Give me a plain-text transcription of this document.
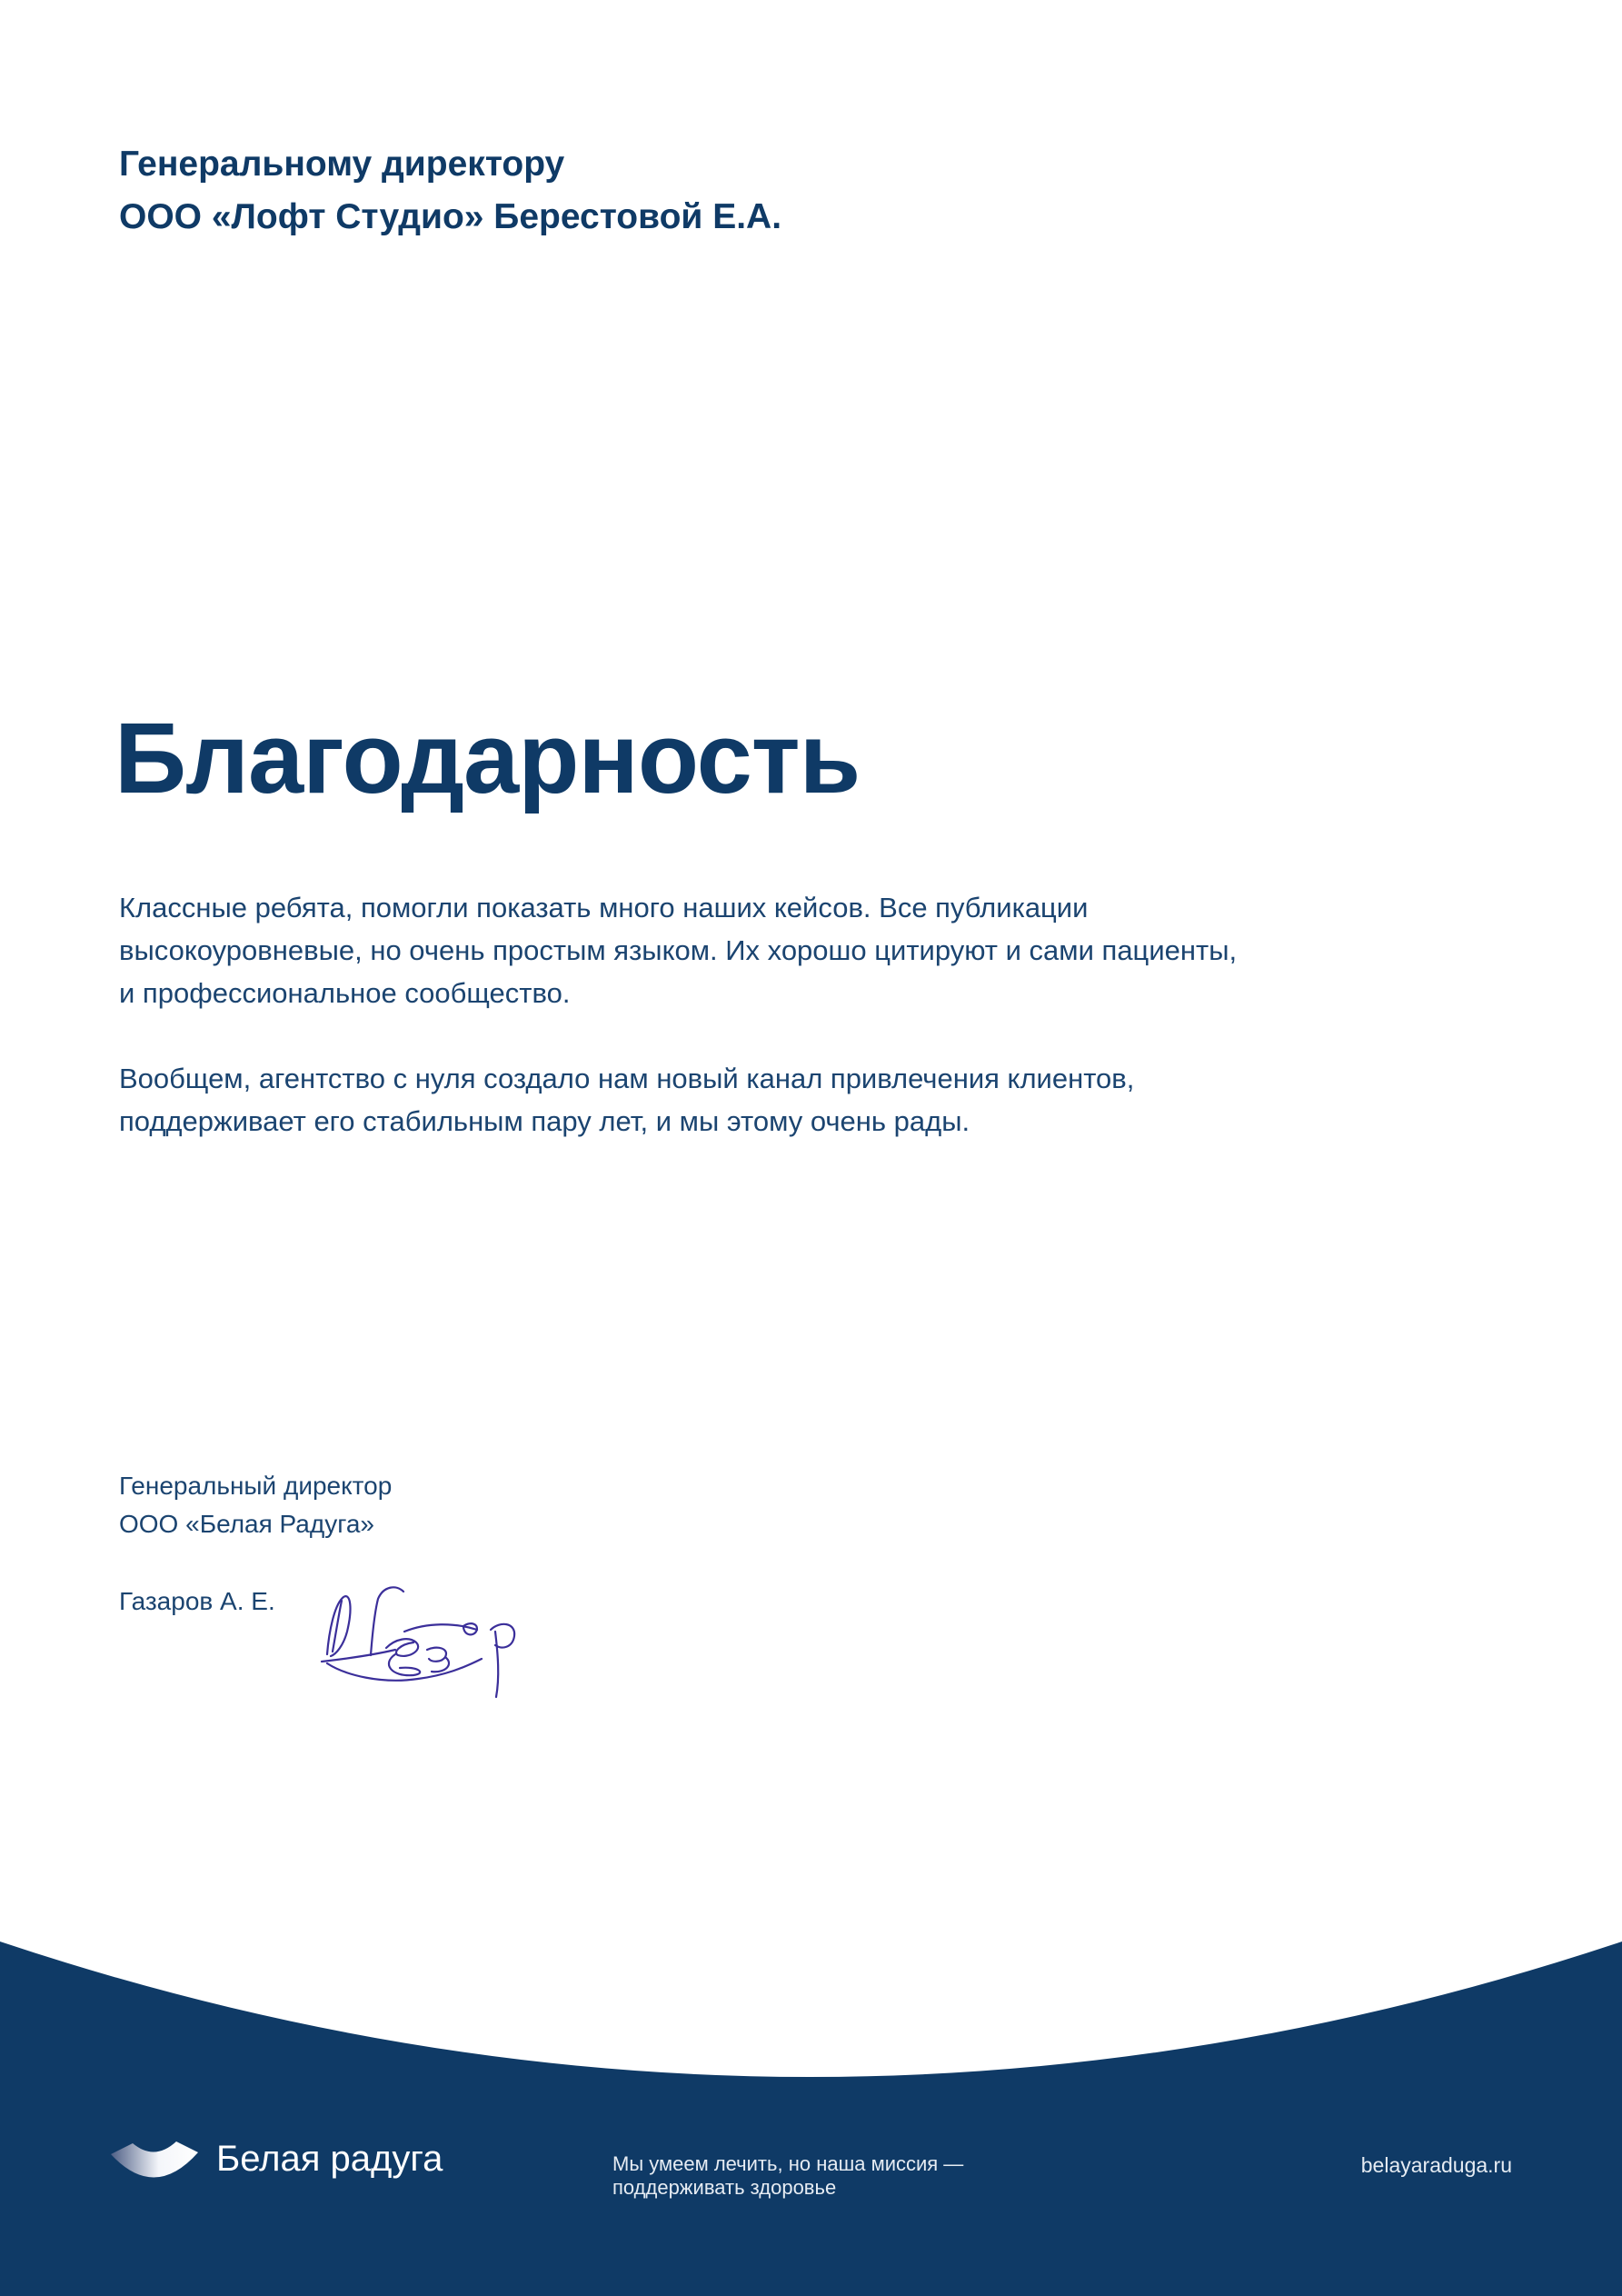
Генеральному директору
ООО «Лофт Студио» Берестовой Е.А.
Благодарность

Классные ребята, помогли показать много наших кейсов. Все публикации
высокоуровневые, но очень простым языком. Их хорошо цитируют и сами пациенты,
и профессиональное сообщество.

Вообщем, агентство с нуля создало нам новый канал привлечения клиентов,
поддерживает его стабильным пару лет, и мы этому очень рады.

Генеральный директор
ООО «Белая Радуга»
Газаров А. Е.
Белая радуга	Мы умеем лечить, но наша миссия —
поддерживать здоровье
belayaraduga.ru
